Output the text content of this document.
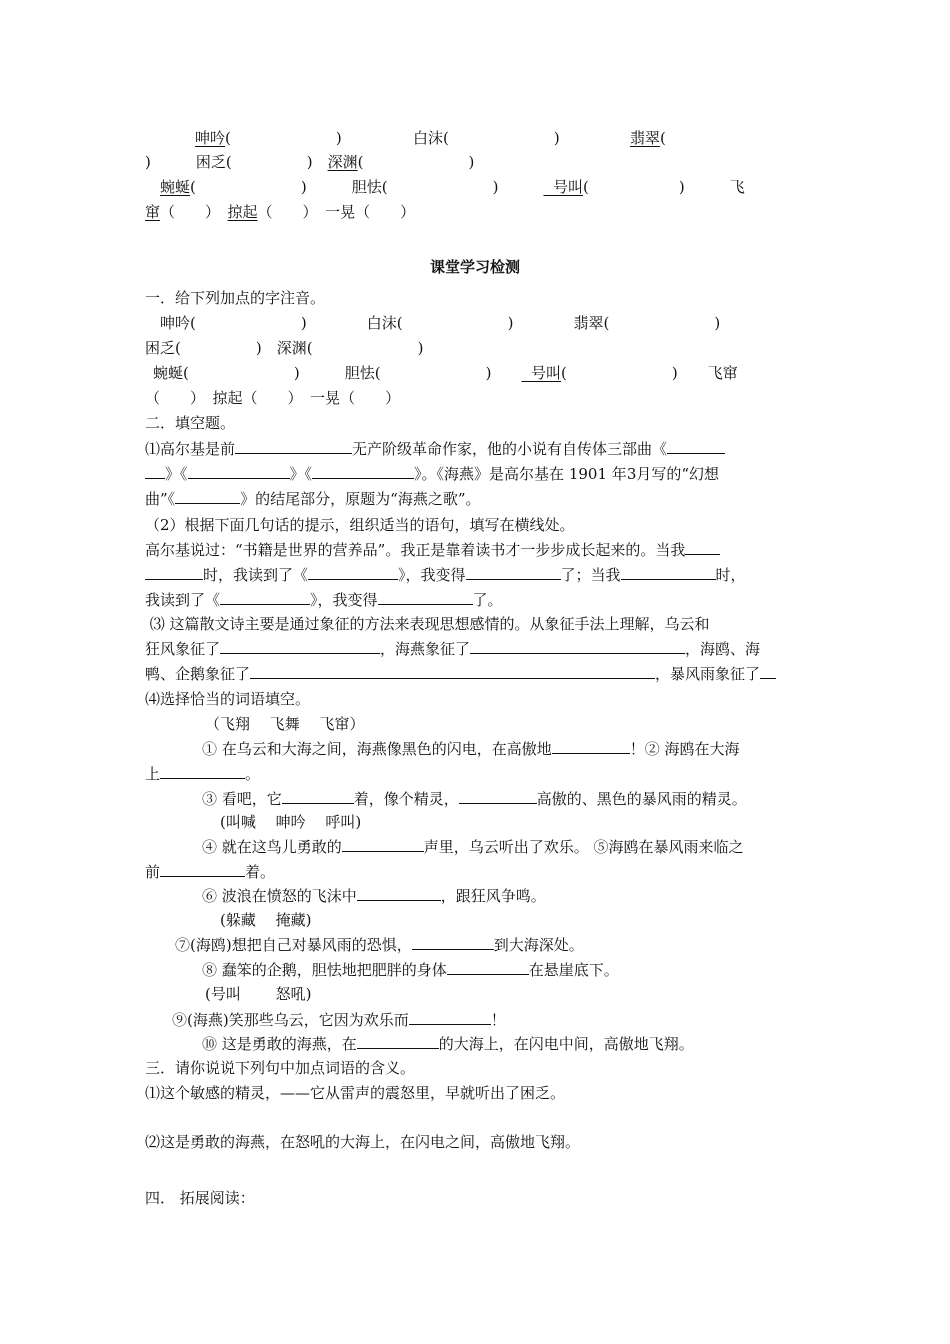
呻吟(　　　　　　　)	白沫(　　　　　　　)	翡翠(
)　　　困乏(　　　　　)　深渊(　　　　　　　)
蜿蜒(　　　　　　　)　　　胆怯(　　　　　　　)　　　  号叫(　　　　　　)　　　飞
窜（　　）　掠起（　　）　一晃（　　）
课堂学习检测
一．给下列加点的字注音。
呻吟(　　　　　　　)　　　　白沫(　　　　　　　)　　　　翡翠(　　　　　　　)
困乏(　　　　　)　深渊(　　　　　　　)
蜿蜒(　　　　　　　)　　　胆怯(　　　　　　　)　　  号叫(　　　　　　　)　　飞窜
（　　）　掠起（　　）　一晃（　　）
二．填空题。
⑴高尔基是前	无产阶级革命作家，他的小说有自传体三部曲《
》《	》《	》。《海燕》是高尔基在 1901 年3月写的“幻想
曲”《	》的结尾部分，原题为“海燕之歌”。
（2）根据下面几句话的提示，组织适当的语句，填写在横线处。
高尔基说过：“书籍是世界的营养品”。我正是靠着读书才一步步成长起来的。当我
时，我读到了《	》，我变得	了；当我	时，
我读到了《	》，我变得	了。
⑶ 这篇散文诗主要是通过象征的方法来表现思想感情的。从象征手法上理解，乌云和
狂风象征了	，海燕象征了	，海鸥、海
鸭、企鹅象征了	，暴风雨象征了
⑷选择恰当的词语填空。
（飞翔　 飞舞　 飞窜）
① 在乌云和大海之间，海燕像黑色的闪电，在高傲地	！② 海鸥在大海
上	。
③ 看吧，它	着，像个精灵，	高傲的、黑色的暴风雨的精灵。
(叫喊　 呻吟　 呼叫)
④ 就在这鸟儿勇敢的	声里，乌云听出了欢乐。 ⑤海鸥在暴风雨来临之
前	着。
⑥ 波浪在愤怒的飞沫中	，跟狂风争鸣。
(躲藏　 掩藏)
⑦(海鸥)想把自己对暴风雨的恐惧，	到大海深处。
⑧ 蠢笨的企鹅，胆怯地把肥胖的身体	在悬崖底下。
(号叫　　 怒吼)
⑨(海燕)笑那些乌云，它因为欢乐而	！
⑩ 这是勇敢的海燕，在	的大海上，在闪电中间，高傲地飞翔。
三．请你说说下列句中加点词语的含义。
⑴这个敏感的精灵，——它从雷声的震怒里，早就听出了困乏。
⑵这是勇敢的海燕，在怒吼的大海上，在闪电之间，高傲地飞翔。
四． 拓展阅读：
